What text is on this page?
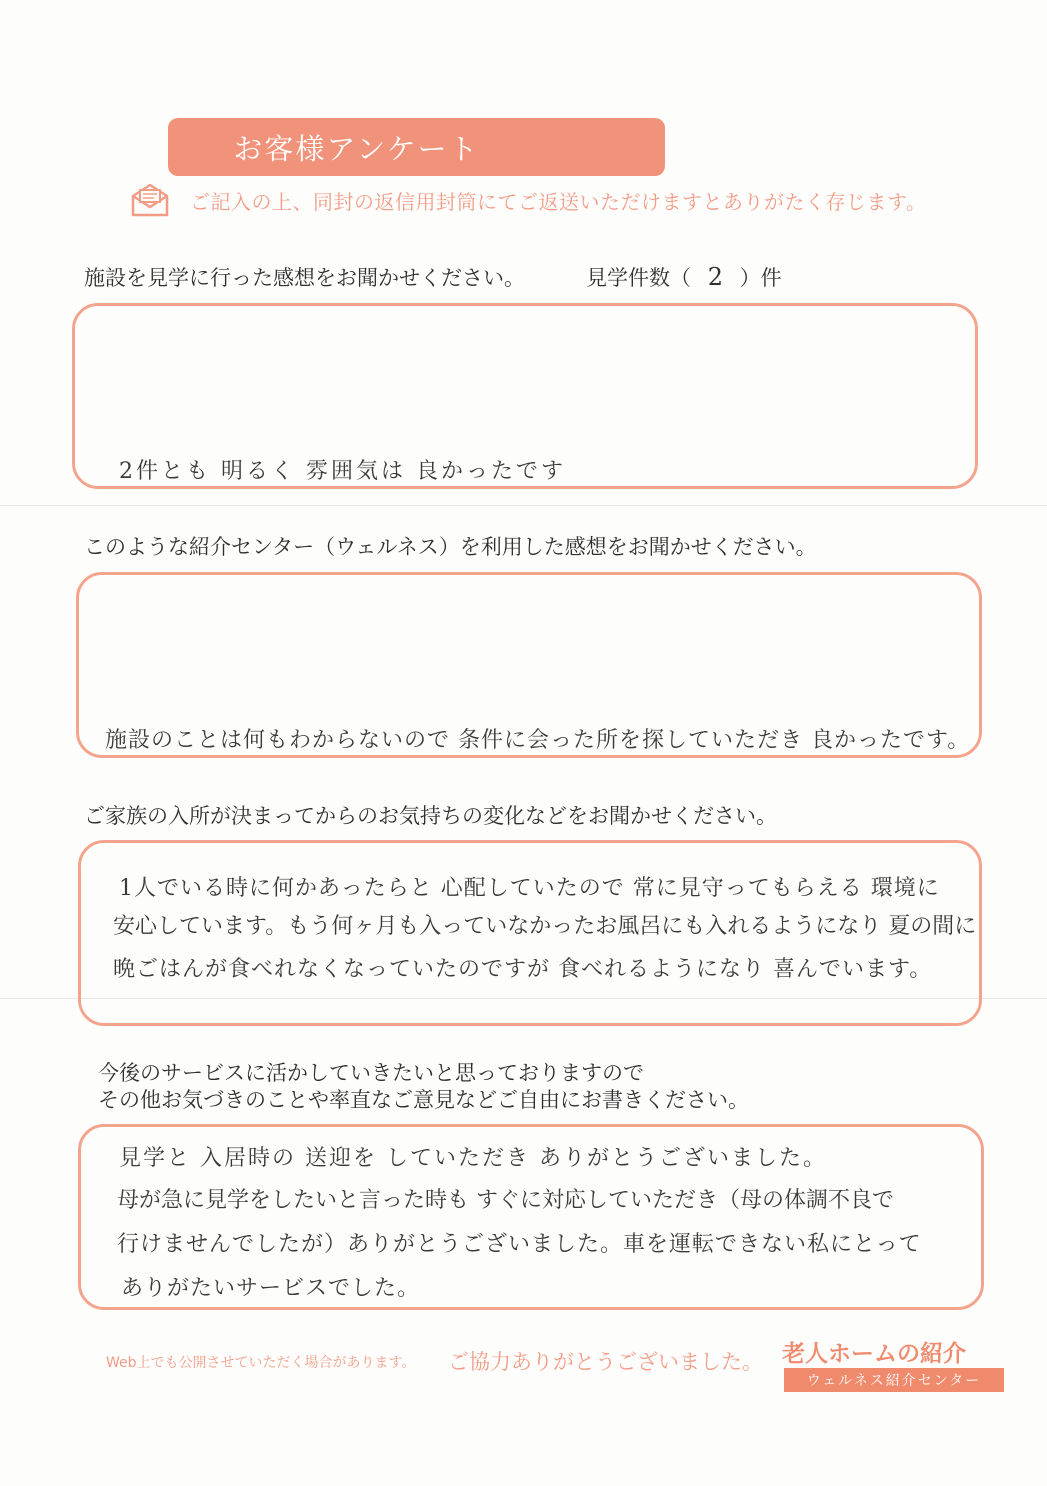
お客様アンケート
ご記入の上、同封の返信用封筒にてご返送いただけますとありがたく存じます。
施設を見学に行った感想をお聞かせください。	見学件数（ 2 ）件
2件とも 明るく 雰囲気は 良かったです
このような紹介センター（ウェルネス）を利用した感想をお聞かせください。
施設のことは何もわからないので 条件に会った所を探していただき 良かったです。
ご家族の入所が決まってからのお気持ちの変化などをお聞かせください。
1人でいる時に何かあったらと 心配していたので 常に見守ってもらえる 環境に
安心しています。もう何ヶ月も入っていなかったお風呂にも入れるようになり 夏の間に
晩ごはんが食べれなくなっていたのですが 食べれるようになり 喜んでいます。
今後のサービスに活かしていきたいと思っておりますので
その他お気づきのことや率直なご意見などご自由にお書きください。
見学と 入居時の 送迎を していただき ありがとうございました。
母が急に見学をしたいと言った時も すぐに対応していただき（母の体調不良で
行けませんでしたが）ありがとうございました。車を運転できない私にとって
ありがたいサービスでした。
Web上でも公開させていただく場合があります。 ご協力ありがとうございました。 老人ホームの紹介
ウェルネス紹介センター
